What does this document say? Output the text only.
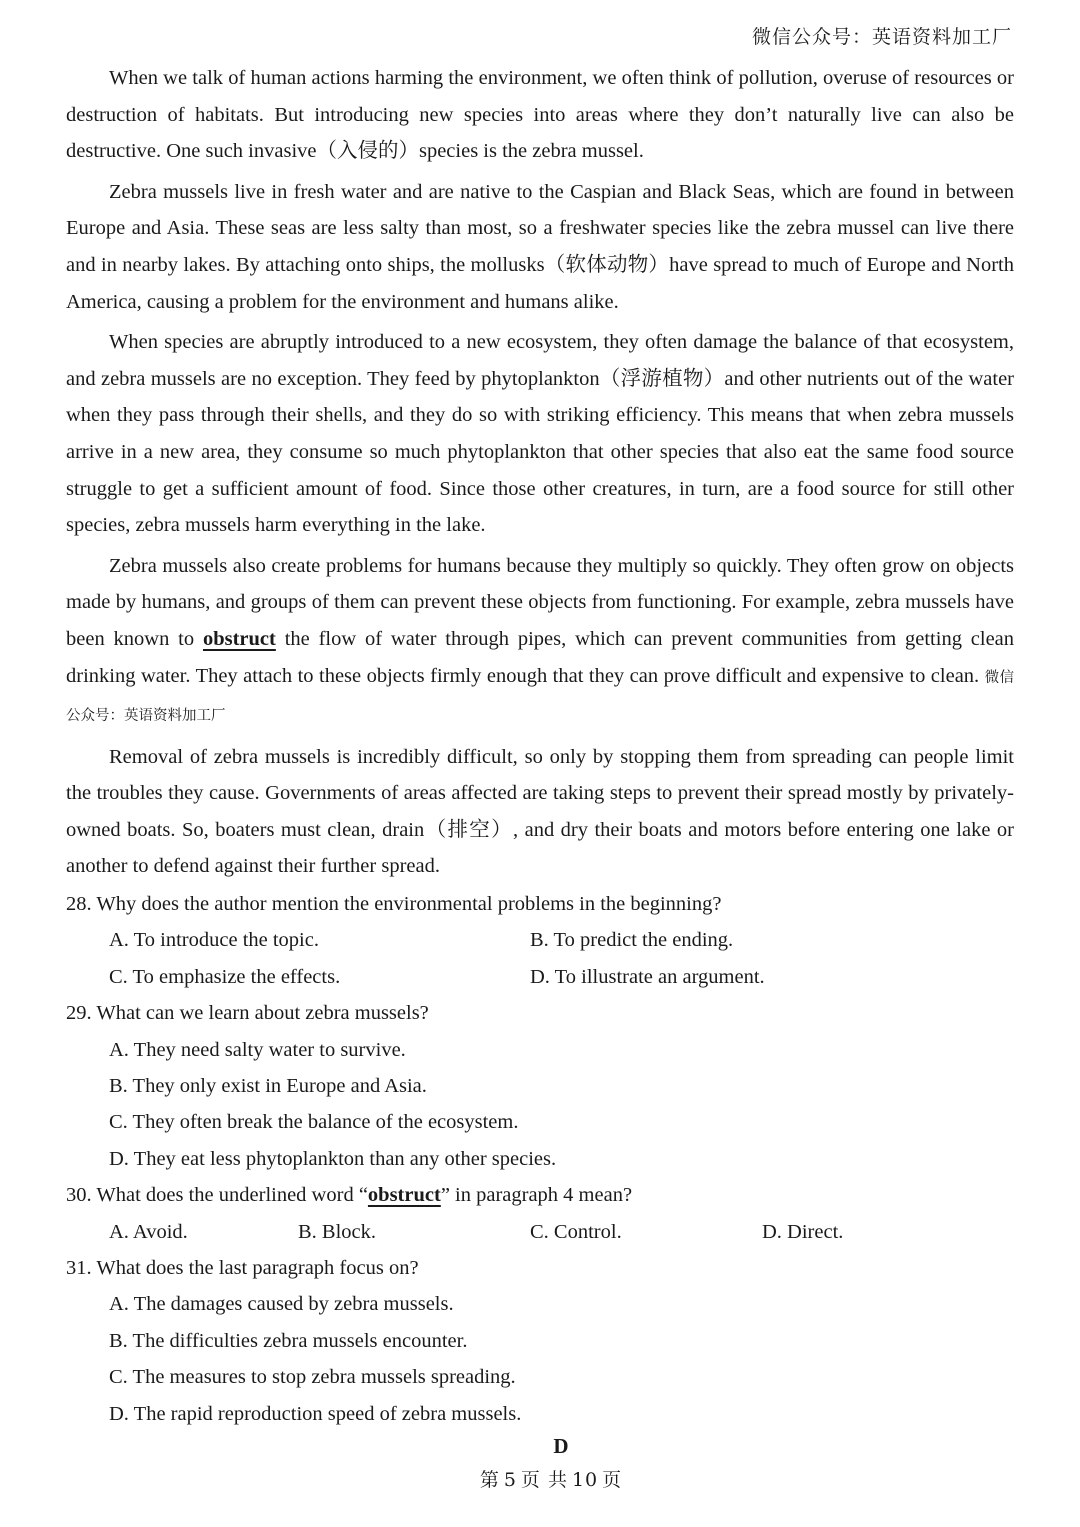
微信公众号：英语资料加工厂

When we talk of human actions harming the environment, we often think of pollution, overuse of resources or destruction of habitats. But introducing new species into areas where they don’t naturally live can also be destructive. One such invasive（入侵的）species is the zebra mussel.

Zebra mussels live in fresh water and are native to the Caspian and Black Seas, which are found in between Europe and Asia. These seas are less salty than most, so a freshwater species like the zebra mussel can live there and in nearby lakes. By attaching onto ships, the mollusks（软体动物）have spread to much of Europe and North America, causing a problem for the environment and humans alike.

When species are abruptly introduced to a new ecosystem, they often damage the balance of that ecosystem, and zebra mussels are no exception. They feed by phytoplankton（浮游植物）and other nutrients out of the water when they pass through their shells, and they do so with striking efficiency. This means that when zebra mussels arrive in a new area, they consume so much phytoplankton that other species that also eat the same food source struggle to get a sufficient amount of food. Since those other creatures, in turn, are a food source for still other species, zebra mussels harm everything in the lake.

Zebra mussels also create problems for humans because they multiply so quickly. They often grow on objects made by humans, and groups of them can prevent these objects from functioning. For example, zebra mussels have been known to obstruct the flow of water through pipes, which can prevent communities from getting clean drinking water. They attach to these objects firmly enough that they can prove difficult and expensive to clean. 微信公众号：英语资料加工厂

Removal of zebra mussels is incredibly difficult, so only by stopping them from spreading can people limit the troubles they cause. Governments of areas affected are taking steps to prevent their spread mostly by privately-owned boats. So, boaters must clean, drain（排空）, and dry their boats and motors before entering one lake or another to defend against their further spread.

28. Why does the author mention the environmental problems in the beginning?

A. To introduce the topic.	B. To predict the ending.
C. To emphasize the effects.	D. To illustrate an argument.

29. What can we learn about zebra mussels?

A. They need salty water to survive.
B. They only exist in Europe and Asia.
C. They often break the balance of the ecosystem.
D. They eat less phytoplankton than any other species.

30. What does the underlined word “obstruct” in paragraph 4 mean?

A. Avoid.	B. Block.	C. Control.	D. Direct.

31. What does the last paragraph focus on?

A. The damages caused by zebra mussels.
B. The difficulties zebra mussels encounter.
C. The measures to stop zebra mussels spreading.
D. The rapid reproduction speed of zebra mussels.
D
第 5 页 共 10 页
